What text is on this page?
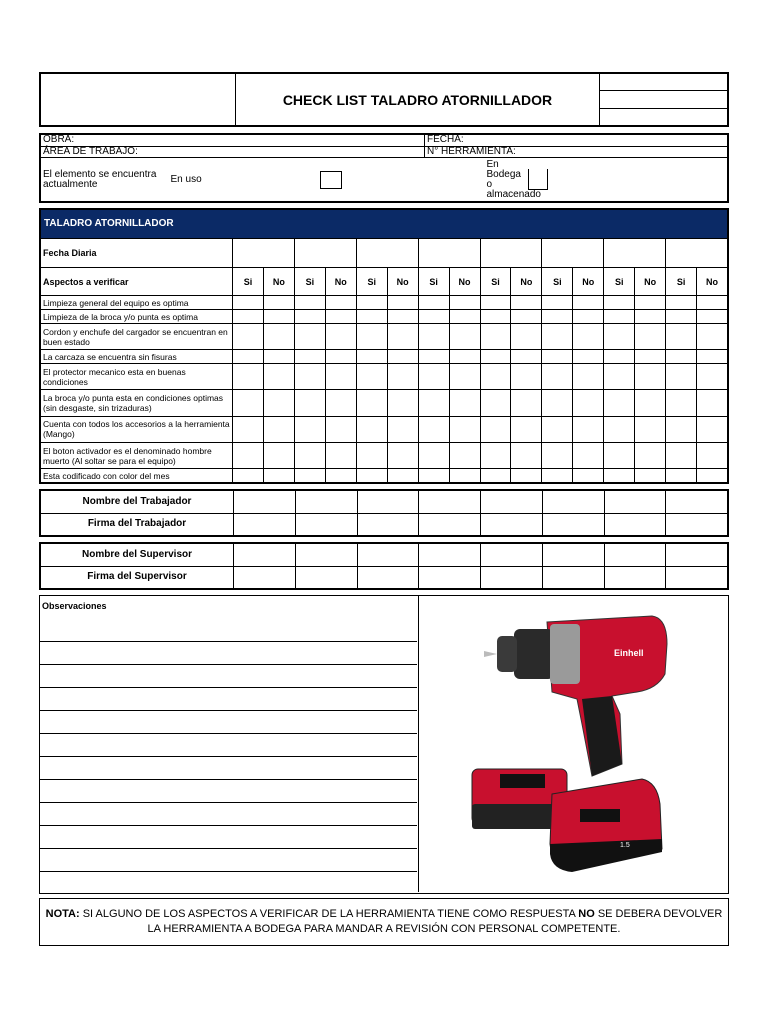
	CHECK LIST TALADRO ATORNILLADOR	

OBRA:			FECHA:		
ÁREA DE TRABAJO:			N° HERRAMIENTA:		
El elemento se encuentra actualmente	En uso		En Bodega o almacenado		
TALADRO ATORNILLADOR																
Fecha Diaria																
Aspectos a verificar	Si	No	Si	No	Si	No	Si	No	Si	No	Si	No	Si	No	Si	No
Limpieza general del equipo es optima																
Limpieza de la broca y/o punta es optima																
Cordon y enchufe del cargador se encuentran en buen estado																
La carcaza se encuentra sin fisuras																
El protector mecanico esta en buenas condiciones																
La broca y/o punta esta en condiciones optimas (sin desgaste, sin trizaduras)																
Cuenta con todos los accesorios a la herramienta (Mango)																
El boton activador es el denominado hombre muerto (Al soltar se para el equipo)																
Esta codificado con color del mes																
Nombre del Trabajador								
Firma del Trabajador								
Nombre del Supervisor								
Firma del Supervisor								
Observaciones
Einhell
1.5
NOTA: SI ALGUNO DE LOS ASPECTOS A VERIFICAR DE LA HERRAMIENTA TIENE COMO RESPUESTA NO SE DEBERA DEVOLVER LA HERRAMIENTA A BODEGA PARA MANDAR A REVISIÓN CON PERSONAL COMPETENTE.
